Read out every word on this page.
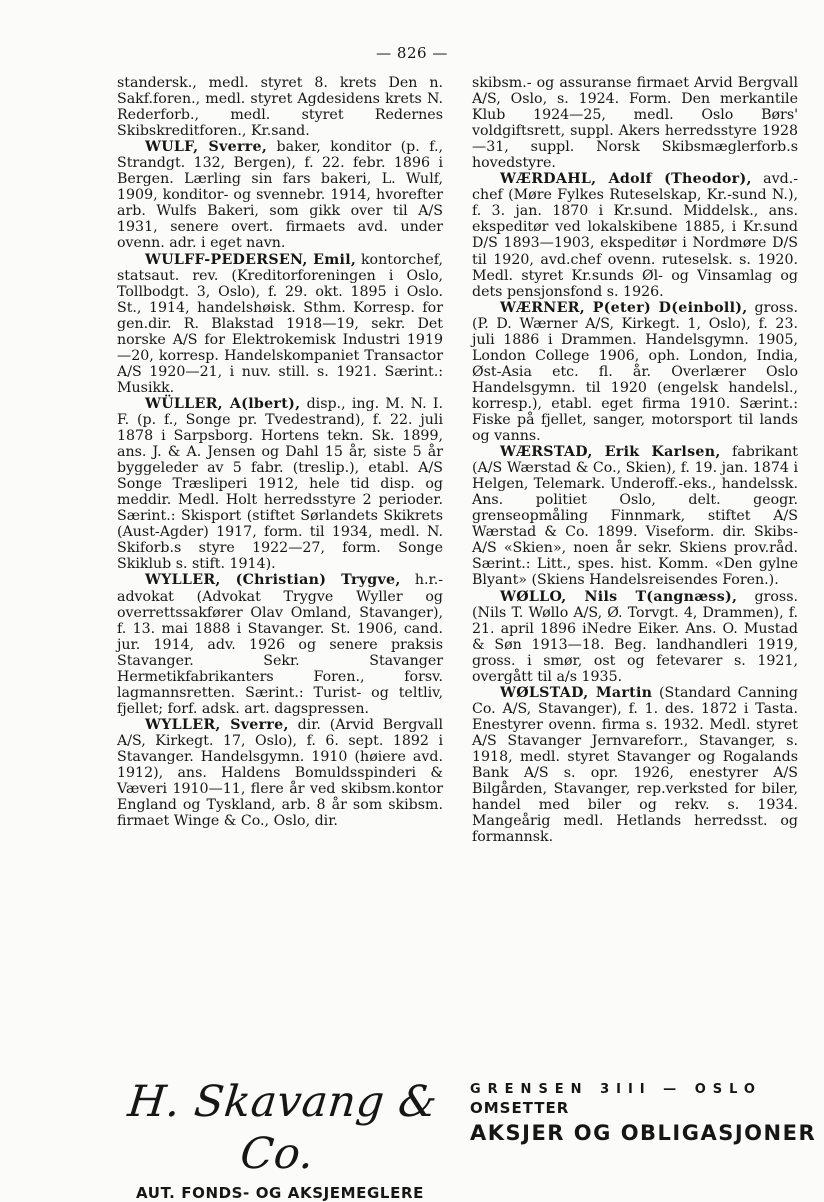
— 826 —

standersk., medl. styret 8. krets Den n. Sakf.foren., medl. styret Agdesidens krets N. Rederforb., medl. styret Redernes Skibskreditforen., Kr.sand.

WULF, Sverre, baker, konditor (p. f., Strandgt. 132, Bergen), f. 22. febr. 1896 i Bergen. Lærling sin fars bakeri, L. Wulf, 1909, konditor- og svennebr. 1914, hvorefter arb. Wulfs Bakeri, som gikk over til A/S 1931, senere overt. firmaets avd. under ovenn. adr. i eget navn.

WULFF-PEDERSEN, Emil, kontorchef, statsaut. rev. (Kreditorforeningen i Oslo, Tollbodgt. 3, Oslo), f. 29. okt. 1895 i Oslo. St., 1914, handelshøisk. Sthm. Korresp. for gen.dir. R. Blakstad 1918—19, sekr. Det norske A/S for Elektrokemisk Industri 1919—20, korresp. Handelskompaniet Transactor A/S 1920—21, i nuv. still. s. 1921. Særint.: Musikk.

WÜLLER, A(lbert), disp., ing. M. N. I. F. (p. f., Songe pr. Tvedestrand), f. 22. juli 1878 i Sarpsborg. Hortens tekn. Sk. 1899, ans. J. & A. Jensen og Dahl 15 år, siste 5 år byggeleder av 5 fabr. (treslip.), etabl. A/S Songe Træsliperi 1912, hele tid disp. og meddir. Medl. Holt herredsstyre 2 perioder. Særint.: Skisport (stiftet Sørlandets Skikrets (Aust-Agder) 1917, form. til 1934, medl. N. Skiforb.s styre 1922—27, form. Songe Skiklub s. stift. 1914).

WYLLER, (Christian) Trygve, h.r.-advokat (Advokat Trygve Wyller og overrettssakfører Olav Omland, Stavanger), f. 13. mai 1888 i Stavanger. St. 1906, cand. jur. 1914, adv. 1926 og senere praksis Stavanger. Sekr. Stavanger Hermetikfabrikanters Foren., forsv. lagmannsretten. Særint.: Turist- og teltliv, fjellet; forf. adsk. art. dagspressen.

WYLLER, Sverre, dir. (Arvid Bergvall A/S, Kirkegt. 17, Oslo), f. 6. sept. 1892 i Stavanger. Handelsgymn. 1910 (høiere avd. 1912), ans. Haldens Bomuldsspinderi & Væveri 1910—11, flere år ved skibsm.kontor England og Tyskland, arb. 8 år som skibsm. firmaet Winge & Co., Oslo, dir.

skibsm.- og assuranse firmaet Arvid Bergvall A/S, Oslo, s. 1924. Form. Den merkantile Klub 1924—25, medl. Oslo Børs' voldgiftsrett, suppl. Akers herredsstyre 1928—31, suppl. Norsk Skibsmæglerforb.s hovedstyre.

WÆRDAHL, Adolf (Theodor), avd.-chef (Møre Fylkes Ruteselskap, Kr.-sund N.), f. 3. jan. 1870 i Kr.sund. Middelsk., ans. ekspeditør ved lokalskibene 1885, i Kr.sund D/S 1893—1903, ekspeditør i Nordmøre D/S til 1920, avd.chef ovenn. ruteselsk. s. 1920. Medl. styret Kr.sunds Øl- og Vinsamlag og dets pensjonsfond s. 1926.

WÆRNER, P(eter) D(einboll), gross. (P. D. Wærner A/S, Kirkegt. 1, Oslo), f. 23. juli 1886 i Drammen. Handelsgymn. 1905, London College 1906, oph. London, India, Øst-Asia etc. fl. år. Overlærer Oslo Handelsgymn. til 1920 (engelsk handelsl., korresp.), etabl. eget firma 1910. Særint.: Fiske på fjellet, sanger, motorsport til lands og vanns.

WÆRSTAD, Erik Karlsen, fabrikant (A/S Wærstad & Co., Skien), f. 19. jan. 1874 i Helgen, Telemark. Underoff.-eks., handelssk. Ans. politiet Oslo, delt. geogr. grenseopmåling Finnmark, stiftet A/S Wærstad & Co. 1899. Viseform. dir. Skibs-A/S «Skien», noen år sekr. Skiens prov.råd. Særint.: Litt., spes. hist. Komm. «Den gylne Blyant» (Skiens Handelsreisendes Foren.).

WØLLO, Nils T(angnæss), gross. (Nils T. Wøllo A/S, Ø. Torvgt. 4, Drammen), f. 21. april 1896 iNedre Eiker. Ans. O. Mustad & Søn 1913—18. Beg. landhandleri 1919, gross. i smør, ost og fetevarer s. 1921, overgått til a/s 1935.

WØLSTAD, Martin (Standard Canning Co. A/S, Stavanger), f. 1. des. 1872 i Tasta. Enestyrer ovenn. firma s. 1932. Medl. styret A/S Stavanger Jernvareforr., Stavanger, s. 1918, medl. styret Stavanger og Rogalands Bank A/S s. opr. 1926, enestyrer A/S Bilgården, Stavanger, rep.verksted for biler, handel med biler og rekv. s. 1934. Mangeårig medl. Hetlands herredsst. og formannsk.

H. Skavang & Co.
AUT. FONDS- OG AKSJEMEGLERE
GRENSEN 3III — OSLO
OMSETTER
AKSJER OG OBLIGASJONER
